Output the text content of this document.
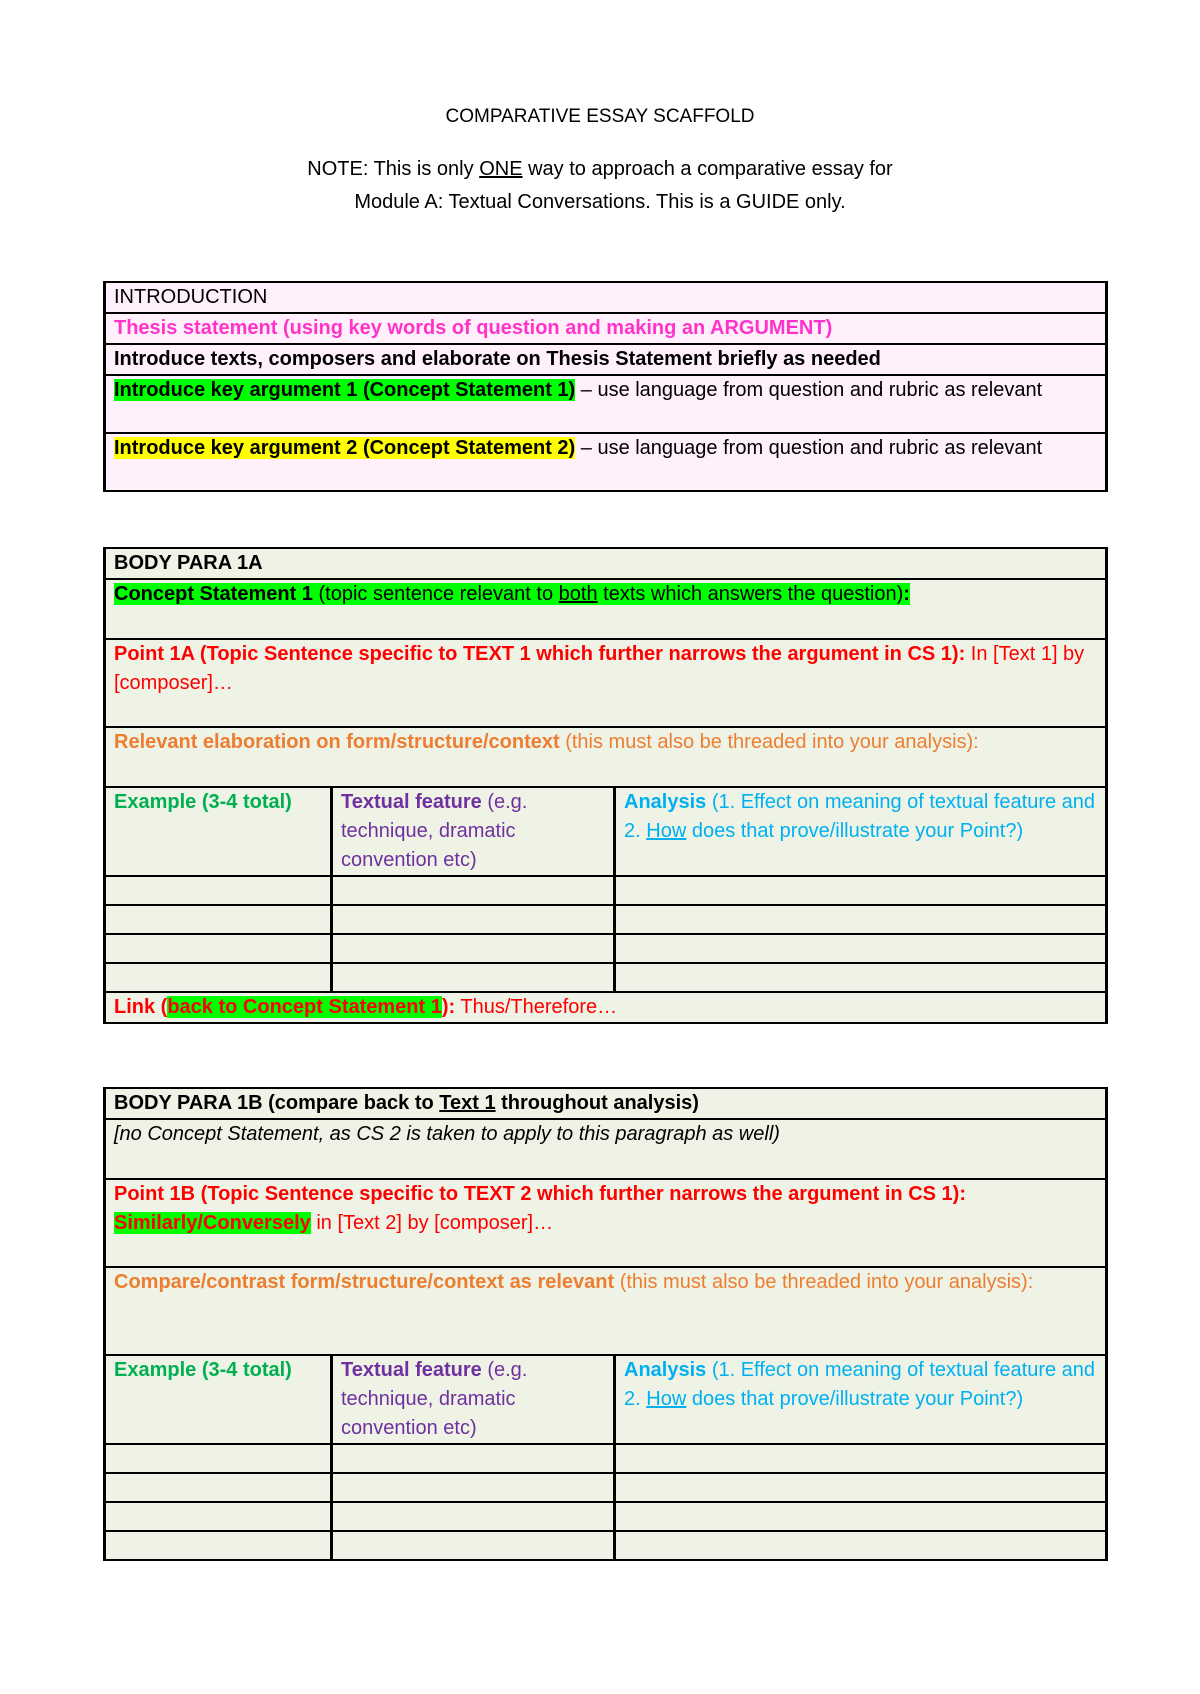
COMPARATIVE ESSAY SCAFFOLD
NOTE: This is only ONE way to approach a comparative essay for
Module A: Textual Conversations. This is a GUIDE only.
INTRODUCTION
Thesis statement (using key words of question and making an ARGUMENT)
Introduce texts, composers and elaborate on Thesis Statement briefly as needed
Introduce key argument 1 (Concept Statement 1) – use language from question and rubric as relevant
Introduce key argument 2 (Concept Statement 2) – use language from question and rubric as relevant
BODY PARA 1A		
Concept Statement 1 (topic sentence relevant to both texts which answers the question):		
Point 1A (Topic Sentence specific to TEXT 1 which further narrows the argument in CS 1): In [Text 1] by [composer]…		
Relevant elaboration on form/structure/context (this must also be threaded into your analysis):		
Example (3-4 total)	Textual feature (e.g. technique, dramatic convention etc)	Analysis (1. Effect on meaning of textual feature and 2. How does that prove/illustrate your Point?)

Link (back to Concept Statement 1): Thus/Therefore…		
BODY PARA 1B (compare back to Text 1 throughout analysis)		
[no Concept Statement, as CS 2 is taken to apply to this paragraph as well)		
Point 1B (Topic Sentence specific to TEXT 2 which further narrows the argument in CS 1): Similarly/Conversely in [Text 2] by [composer]…		
Compare/contrast form/structure/context as relevant (this must also be threaded into your analysis):		
Example (3-4 total)	Textual feature (e.g. technique, dramatic convention etc)	Analysis (1. Effect on meaning of textual feature and 2. How does that prove/illustrate your Point?)
